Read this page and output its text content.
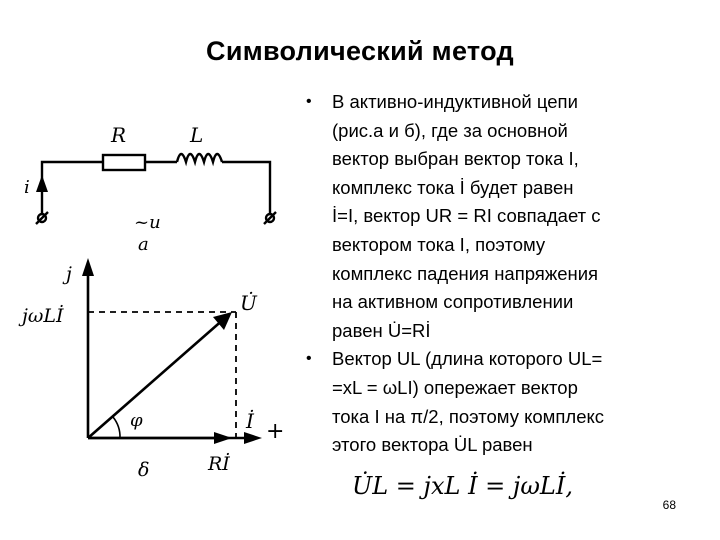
Символический метод
R	L
i
~u
a
j
jωLİ
U̇
İ +
Rİ
φ
δ
• В активно-индуктивной цепи
(рис.а и б), где за основной
вектор выбран вектор тока I,
комплекс тока İ будет равен
İ=I, вектор UR = RI совпадает с
вектором тока I, поэтому
комплекс падения напряжения
на активном сопротивлении
равен U̇=Rİ
• Вектор UL (длина которого UL=
=xL = ωLI) опережает вектор
тока I на π/2, поэтому комплекс
этого вектора U̇L равен
U̇L = jxL İ = jωLİ,
68
